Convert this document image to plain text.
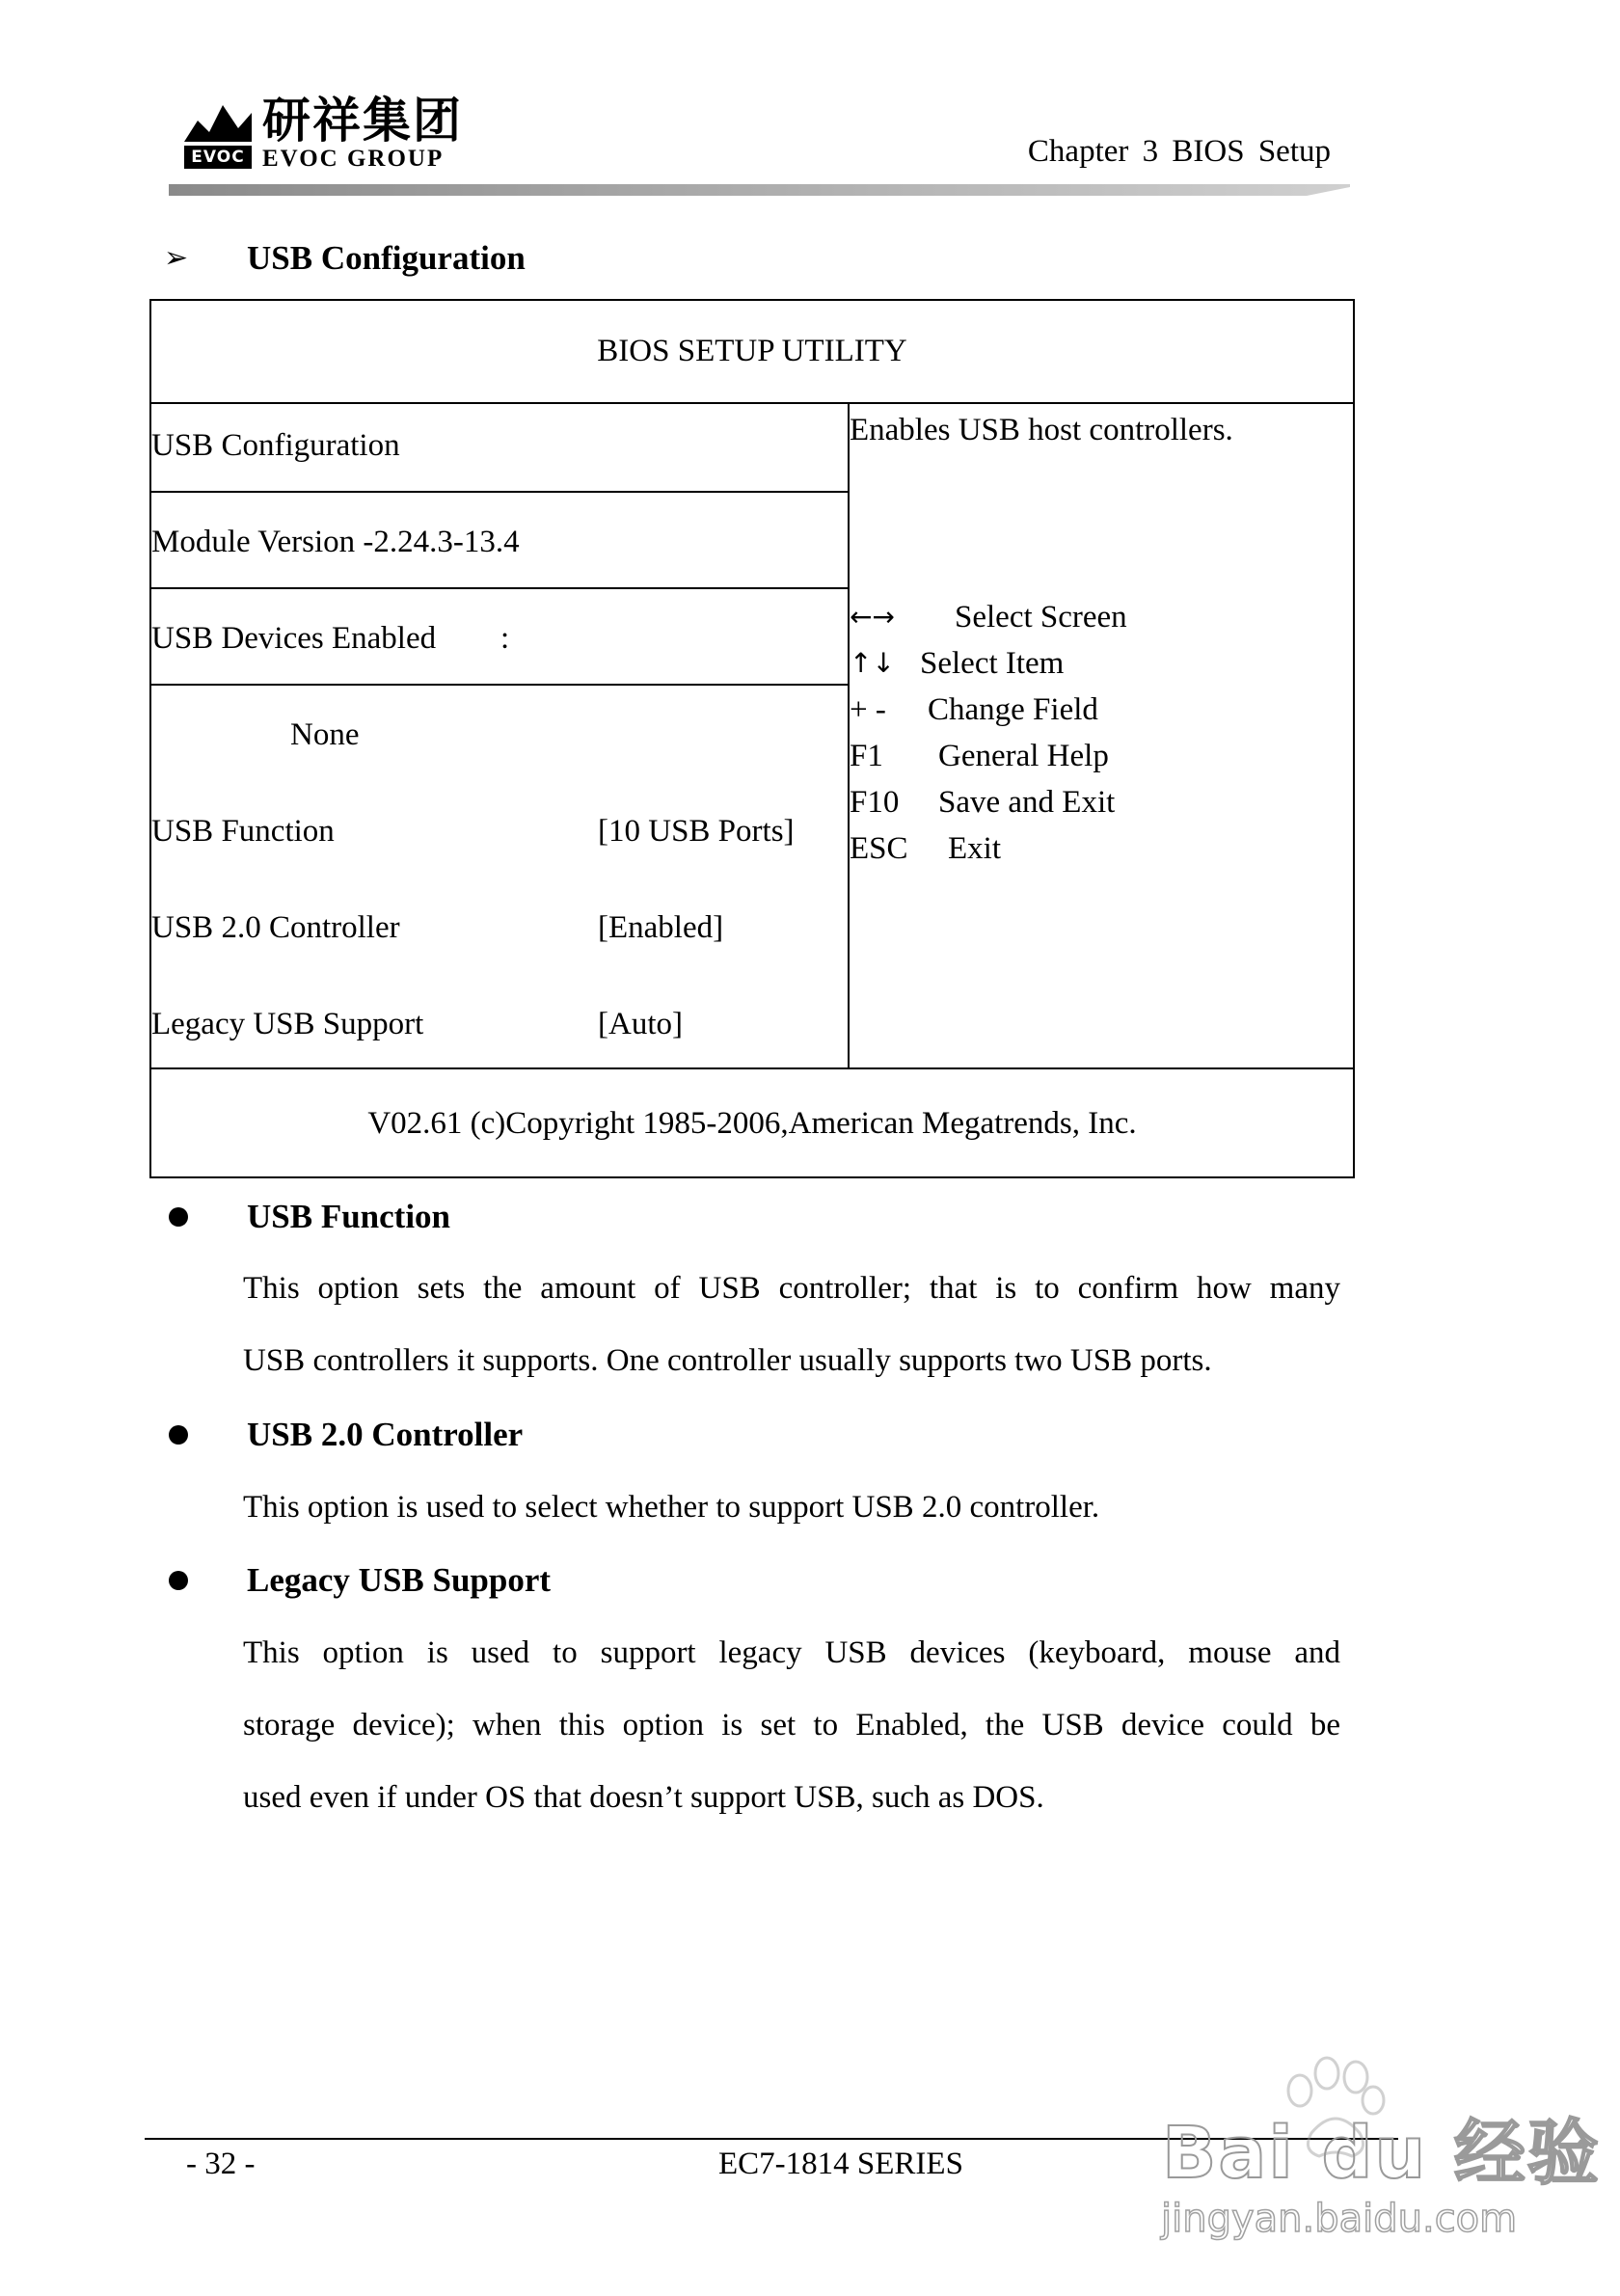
EVOC
研祥集团
EVOC GROUP	Chapter 3 BIOS Setup
➢ USB Configuration
BIOS SETUP UTILITY
USB Configuration
Module Version -2.24.3-13.4
USB Devices Enabled :
None
USB Function	[10 USB Ports]
USB 2.0 Controller	[Enabled]
Legacy USB Support	[Auto]
Enables USB host controllers.
←→ Select Screen
↑↓ Select Item
+ - Change Field
F1 General Help
F10 Save and Exit
ESC Exit
V02.61 (c)Copyright 1985-2006,American Megatrends, Inc.
USB Function
This option sets the amount of USB controller; that is to confirm how many
USB controllers it supports. One controller usually supports two USB ports.
USB 2.0 Controller
This option is used to select whether to support USB 2.0 controller.
Legacy USB Support
This option is used to support legacy USB devices (keyboard, mouse and
storage device); when this option is set to Enabled, the USB device could be
used even if under OS that doesn’t support USB, such as DOS.
- 32 -	EC7-1814 SERIES	Bai du 经验
jingyan.baidu.com
